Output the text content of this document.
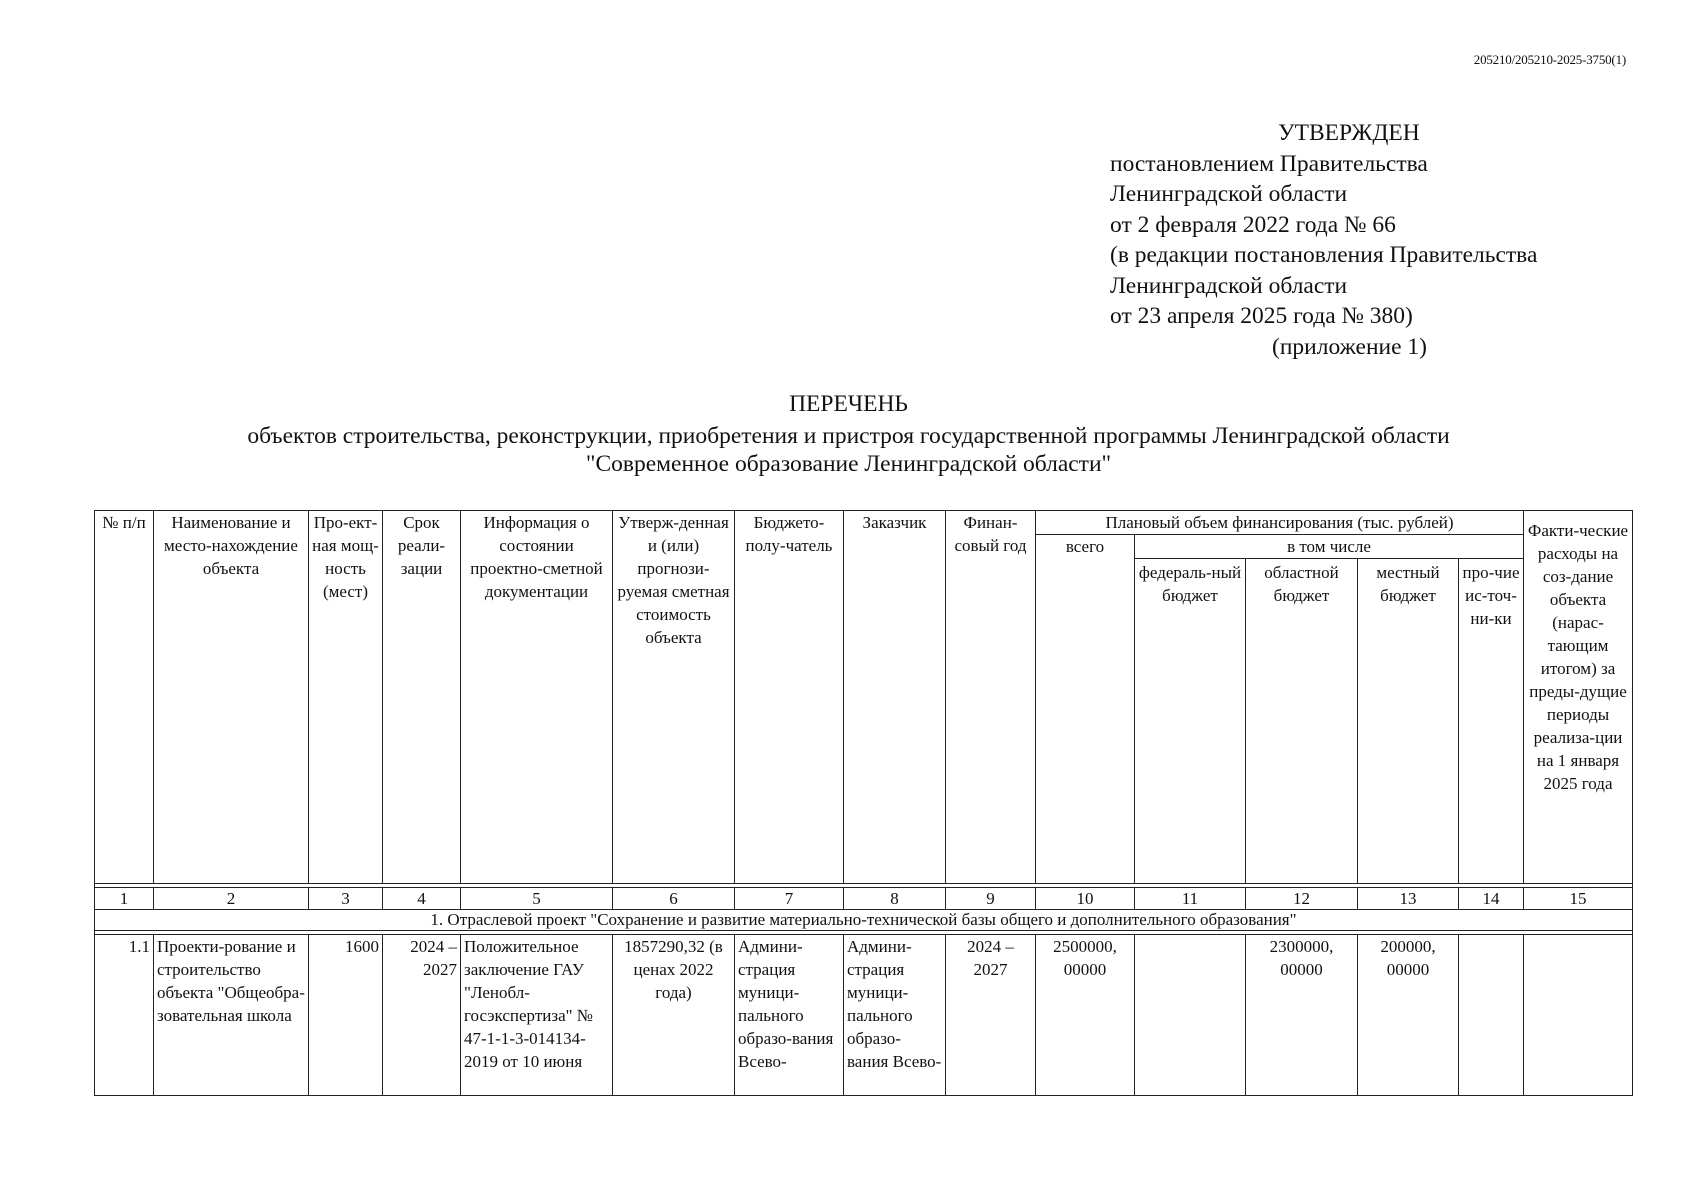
205210/205210-2025-3750(1)
УТВЕРЖДЕН
постановлением Правительства
Ленинградской области
от 2 февраля 2022 года № 66
(в редакции постановления Правительства
Ленинградской области
от 23 апреля 2025 года № 380)
(приложение 1)
ПЕРЕЧЕНЬ
объектов строительства, реконструкции, приобретения и пристроя государственной программы Ленинградской области
"Современное образование Ленинградской области"
№ п/п	Наименование и место-нахождение объекта	Про-ект-ная мощ-ность (мест)	Срок реали-зации	Информация о состоянии проектно-сметной документации	Утверж-денная и (или) прогнози-руемая сметная стоимость объекта	Бюджето-полу-чатель	Заказчик	Финан-совый год	Плановый объем финансирования (тыс. рублей)					Факти-ческие расходы на соз-дание объекта (нарас-тающим итогом) за преды-дущие периоды реализа-ции на 1 января 2025 года
									всего	в том числе				
										федераль-ный бюджет	областной бюджет	местный бюджет	про-чие ис-точ-ни-ки	

1	2	3	4	5	6	7	8	9	10	11	12	13	14	15
1. Отраслевой проект "Сохранение и развитие материально-технической базы общего и дополнительного образования"														

1.1	Проекти-рование и строительство объекта "Общеобра-зовательная школа	1600	2024 – 2027	Положительное заключение ГАУ "Ленобл-госэкспертиза" № 47-1-1-3-014134-2019 от 10 июня	1857290,32 (в ценах 2022 года)	Админи-страция муници-пального образо-вания Всево-	Админи-страция муници-пального образо-вания Всево-	2024 – 2027	2500000, 00000		2300000, 00000	200000, 00000		
